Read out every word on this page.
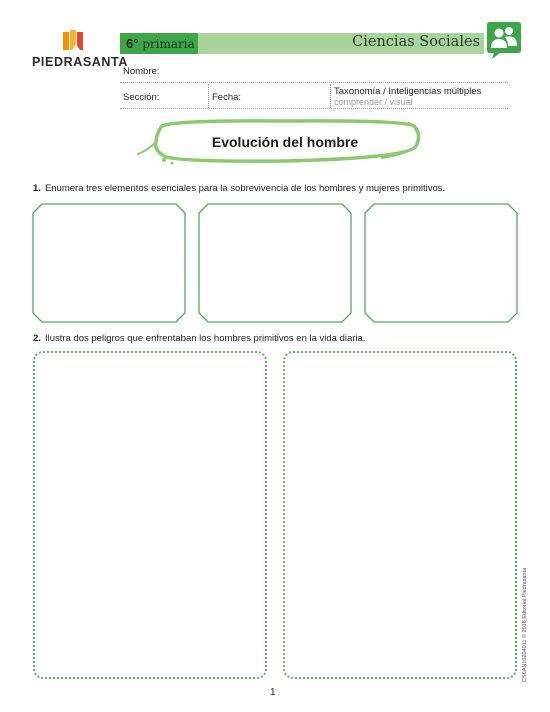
PIEDRASANTA
6° primaria	Ciencias Sociales
Nombre:
Sección:	Fecha:
Taxonomía / Inteligencias múltiples
comprender / visual
Evolución del hombre
1. Enumera tres elementos esenciales para la sobrevivencia de los hombres y mujeres primitivos.
2. Ilustra dos peligros que enfrentaban los hombres primitivos en la vida diaria.
CS6AN10204011 © 2018 Editorial Piedrasanta
1
